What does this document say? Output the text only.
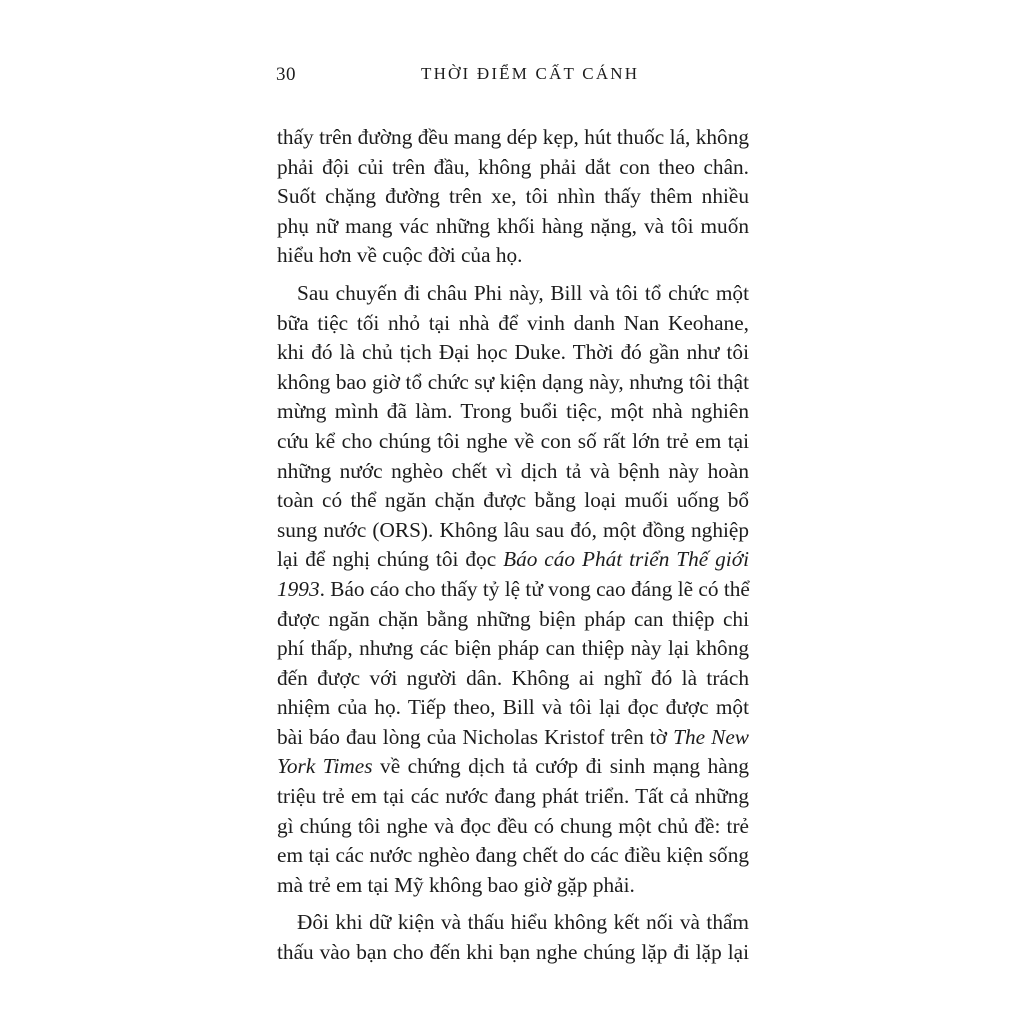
30	THỜI ĐIỂM CẤT CÁNH
thấy trên đường đều mang dép kẹp, hút thuốc lá, không
phải đội củi trên đầu, không phải dắt con theo chân.
Suốt chặng đường trên xe, tôi nhìn thấy thêm nhiều
phụ nữ mang vác những khối hàng nặng, và tôi muốn
hiểu hơn về cuộc đời của họ.
Sau chuyến đi châu Phi này, Bill và tôi tổ chức một
bữa tiệc tối nhỏ tại nhà để vinh danh Nan Keohane,
khi đó là chủ tịch Đại học Duke. Thời đó gần như tôi
không bao giờ tổ chức sự kiện dạng này, nhưng tôi thật
mừng mình đã làm. Trong buổi tiệc, một nhà nghiên
cứu kể cho chúng tôi nghe về con số rất lớn trẻ em tại
những nước nghèo chết vì dịch tả và bệnh này hoàn
toàn có thể ngăn chặn được bằng loại muối uống bổ
sung nước (ORS). Không lâu sau đó, một đồng nghiệp
lại để nghị chúng tôi đọc Báo cáo Phát triển Thế giới
1993. Báo cáo cho thấy tỷ lệ tử vong cao đáng lẽ có thể
được ngăn chặn bằng những biện pháp can thiệp chi
phí thấp, nhưng các biện pháp can thiệp này lại không
đến được với người dân. Không ai nghĩ đó là trách
nhiệm của họ. Tiếp theo, Bill và tôi lại đọc được một
bài báo đau lòng của Nicholas Kristof trên tờ The New
York Times về chứng dịch tả cướp đi sinh mạng hàng
triệu trẻ em tại các nước đang phát triển. Tất cả những
gì chúng tôi nghe và đọc đều có chung một chủ đề: trẻ
em tại các nước nghèo đang chết do các điều kiện sống
mà trẻ em tại Mỹ không bao giờ gặp phải.
Đôi khi dữ kiện và thấu hiểu không kết nối và thẩm
thấu vào bạn cho đến khi bạn nghe chúng lặp đi lặp lại
